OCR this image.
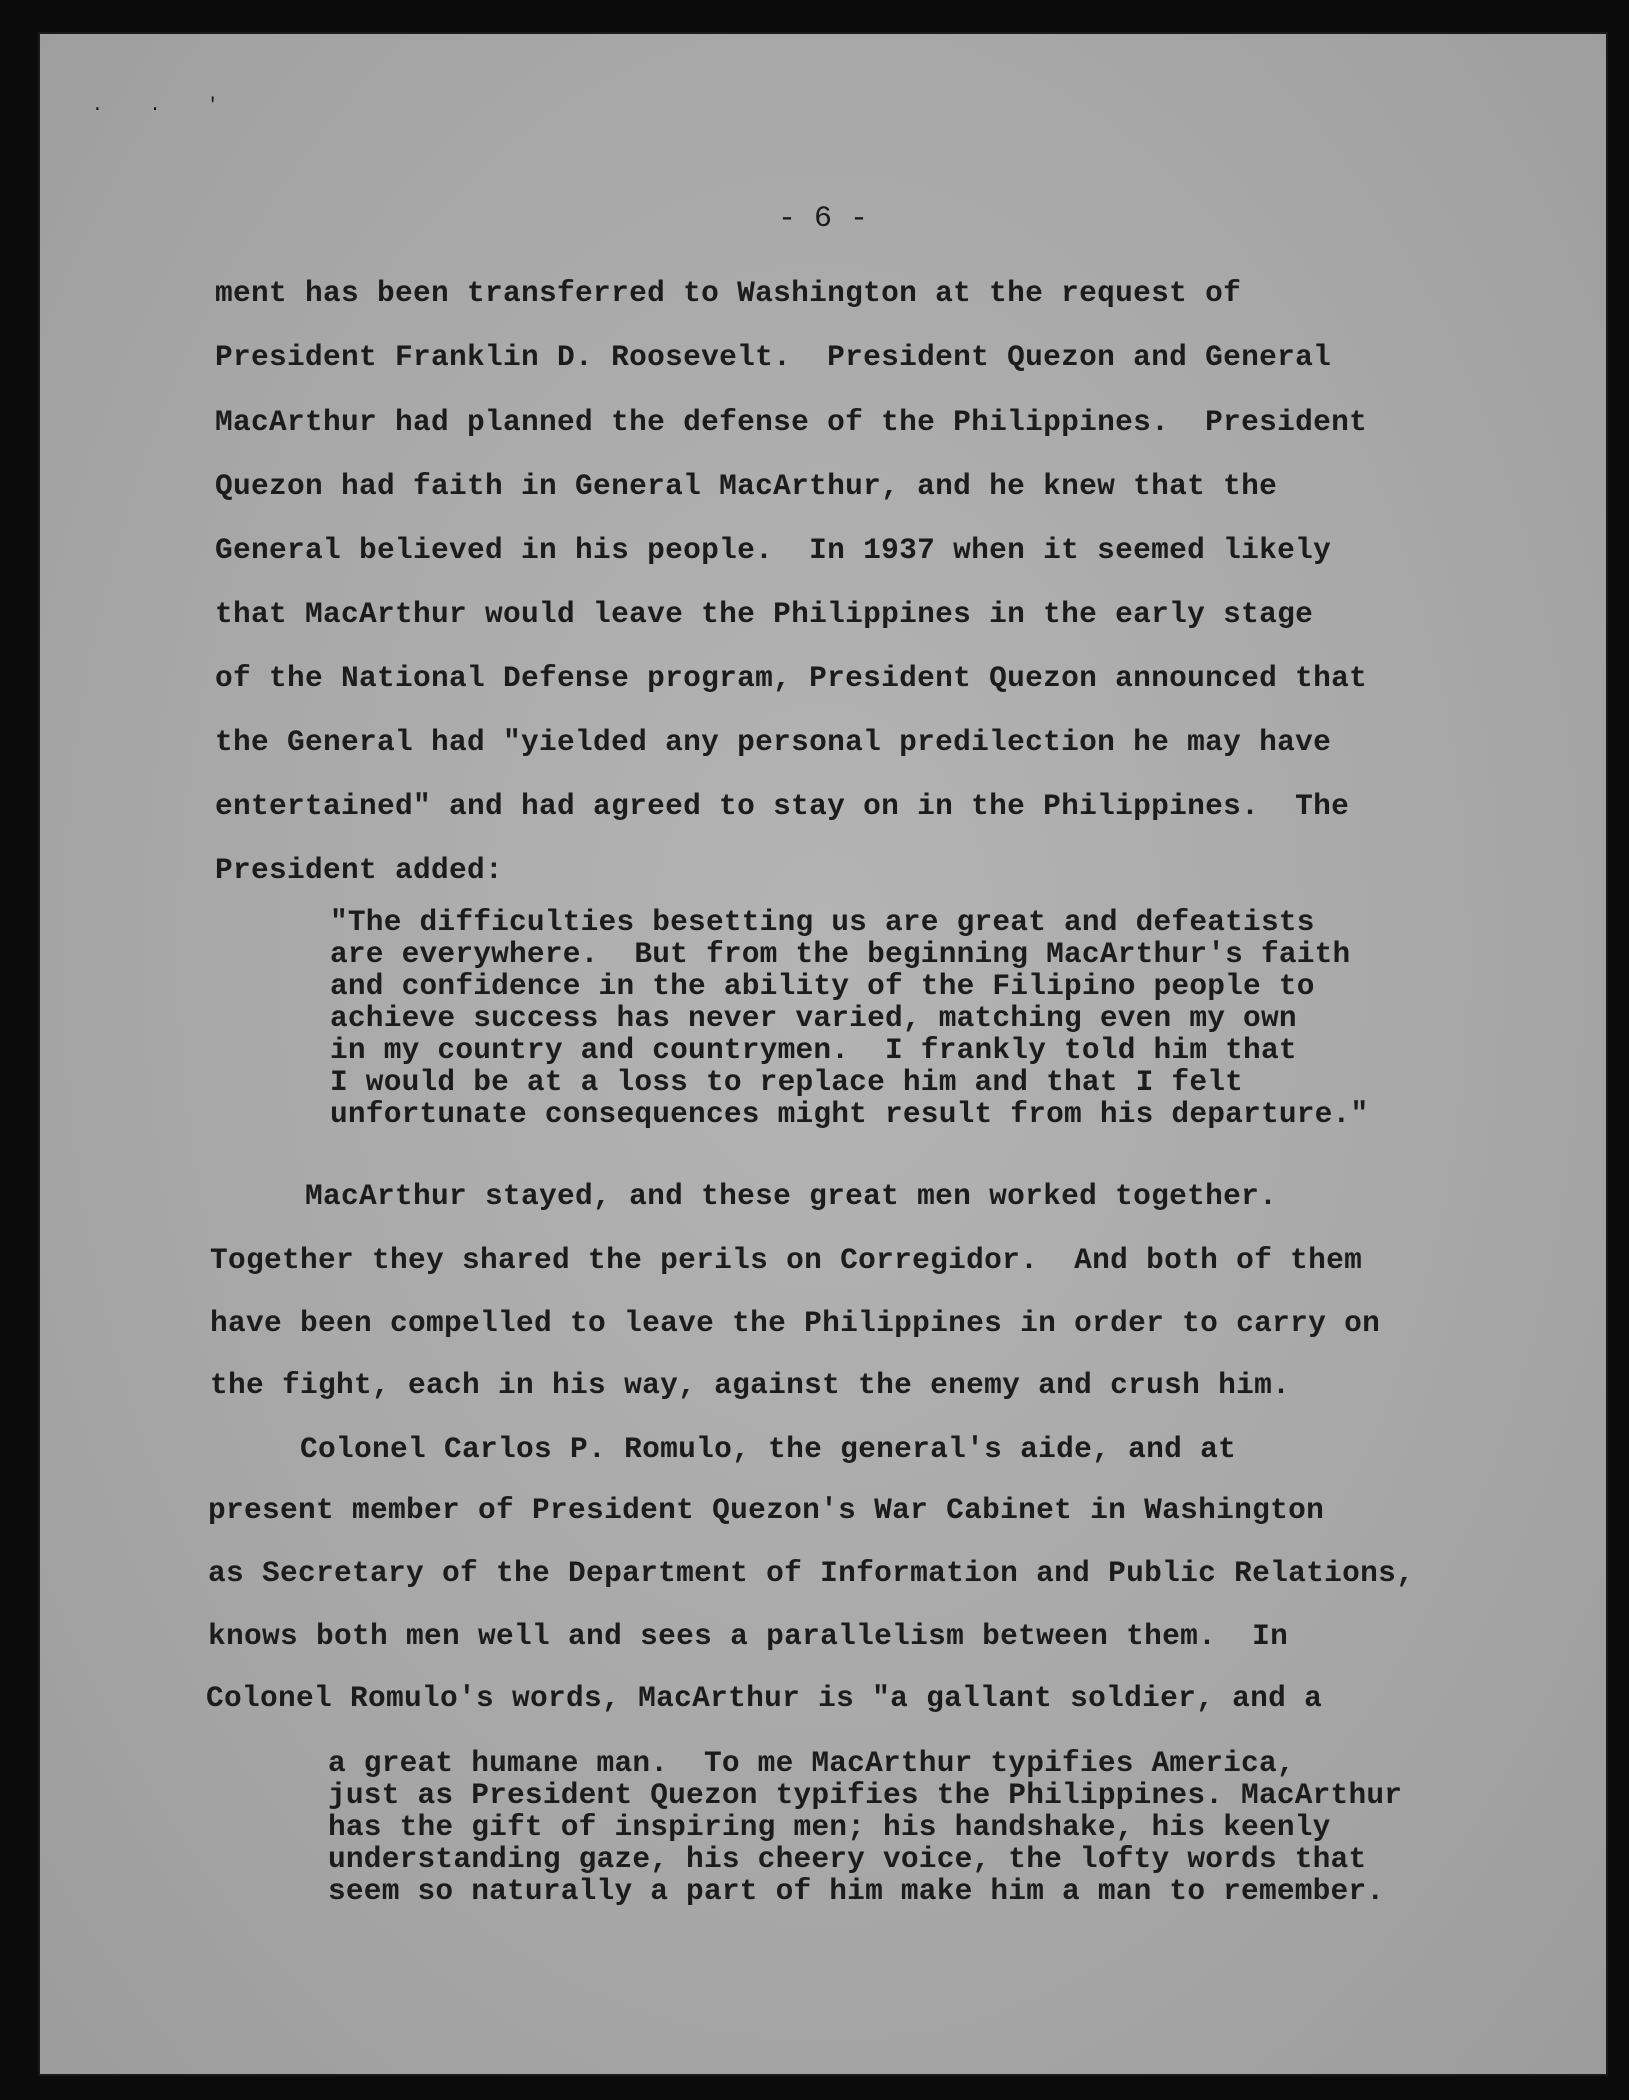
. . '
- 6 -
ment has been transferred to Washington at the request of
President Franklin D. Roosevelt.  President Quezon and General
MacArthur had planned the defense of the Philippines.  President
Quezon had faith in General MacArthur, and he knew that the
General believed in his people.  In 1937 when it seemed likely
that MacArthur would leave the Philippines in the early stage
of the National Defense program, President Quezon announced that
the General had "yielded any personal predilection he may have
entertained" and had agreed to stay on in the Philippines.  The
President added:
"The difficulties besetting us are great and defeatists
are everywhere.  But from the beginning MacArthur's faith
and confidence in the ability of the Filipino people to
achieve success has never varied, matching even my own
in my country and countrymen.  I frankly told him that
I would be at a loss to replace him and that I felt
unfortunate consequences might result from his departure."
MacArthur stayed, and these great men worked together.
Together they shared the perils on Corregidor.  And both of them
have been compelled to leave the Philippines in order to carry on
the fight, each in his way, against the enemy and crush him.
Colonel Carlos P. Romulo, the general's aide, and at
present member of President Quezon's War Cabinet in Washington
as Secretary of the Department of Information and Public Relations,
knows both men well and sees a parallelism between them.  In
Colonel Romulo's words, MacArthur is "a gallant soldier, and a
a great humane man.  To me MacArthur typifies America,
just as President Quezon typifies the Philippines. MacArthur
has the gift of inspiring men; his handshake, his keenly
understanding gaze, his cheery voice, the lofty words that
seem so naturally a part of him make him a man to remember.
